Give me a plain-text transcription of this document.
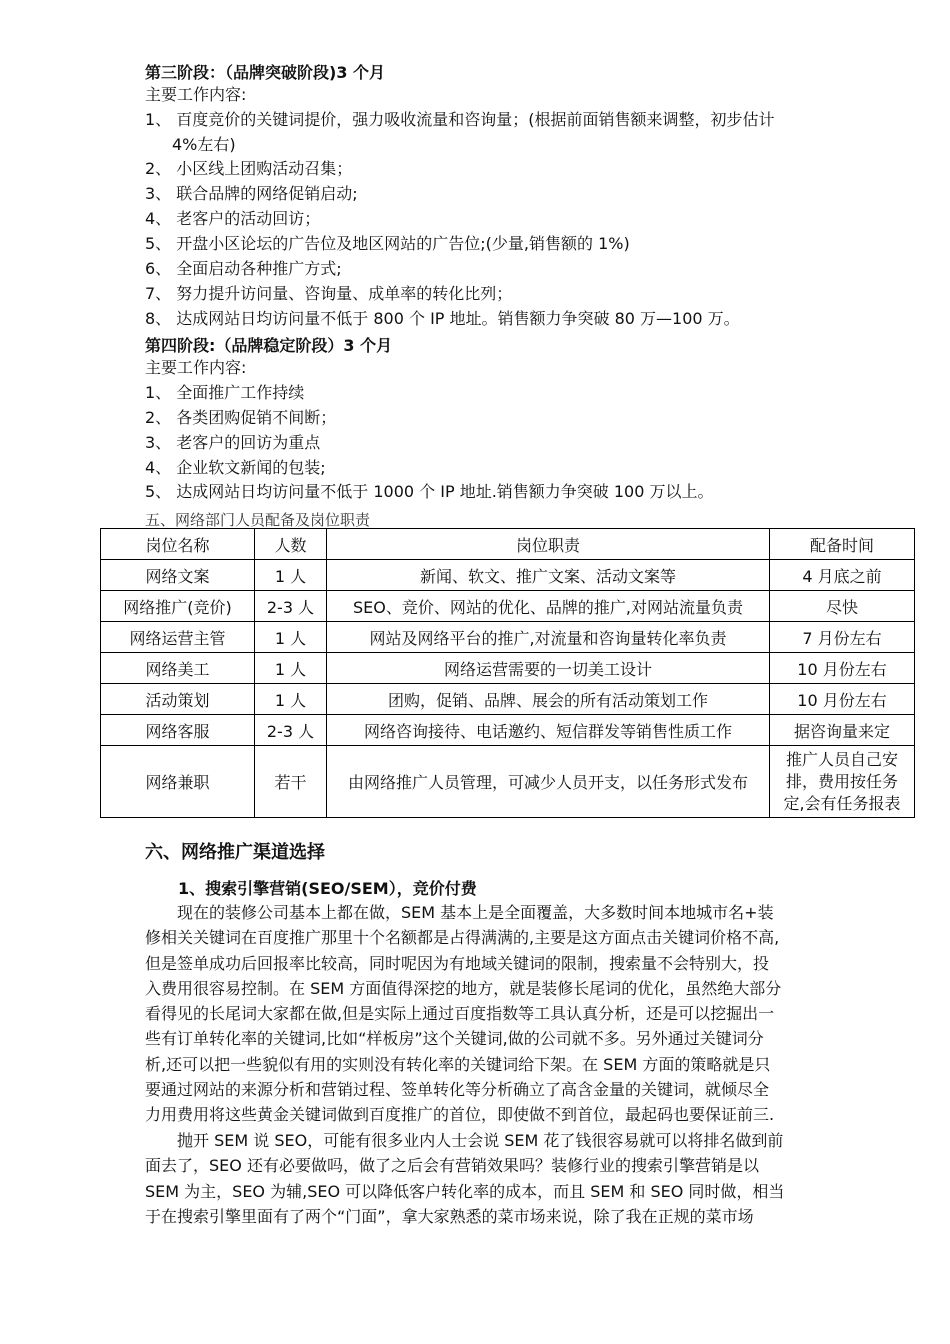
第三阶段：（品牌突破阶段)3 个月
主要工作内容:
1、 百度竞价的关键词提价，强力吸收流量和咨询量；(根据前面销售额来调整，初步估计
4%左右)
2、 小区线上团购活动召集；
3、 联合品牌的网络促销启动;
4、 老客户的活动回访；
5、 开盘小区论坛的广告位及地区网站的广告位;(少量,销售额的 1%)
6、 全面启动各种推广方式;
7、 努力提升访问量、咨询量、成单率的转化比列；
8、 达成网站日均访问量不低于 800 个 IP 地址。销售额力争突破 80 万—100 万。
第四阶段:（品牌稳定阶段）3 个月
主要工作内容:
1、 全面推广工作持续
2、 各类团购促销不间断；
3、 老客户的回访为重点
4、 企业软文新闻的包装;
5、 达成网站日均访问量不低于 1000 个 IP 地址.销售额力争突破 100 万以上。
五、网络部门人员配备及岗位职责
岗位名称	人数	岗位职责	配备时间
网络文案	1 人	新闻、软文、推广文案、活动文案等	4 月底之前
网络推广(竞价)	2-3 人	SEO、竞价、网站的优化、品牌的推广,对网站流量负责	尽快
网络运营主管	1 人	网站及网络平台的推广,对流量和咨询量转化率负责	7 月份左右
网络美工	1 人	网络运营需要的一切美工设计	10 月份左右
活动策划	1 人	团购，促销、品牌、展会的所有活动策划工作	10 月份左右
网络客服	2-3 人	网络咨询接待、电话邀约、短信群发等销售性质工作	据咨询量来定
网络兼职	若干	由网络推广人员管理，可减少人员开支，以任务形式发布	推广人员自己安
排，费用按任务
定,会有任务报表
六、网络推广渠道选择
1、搜索引擎营销(SEO/SEM），竞价付费
　　现在的装修公司基本上都在做，SEM 基本上是全面覆盖，大多数时间本地城市名+装
修相关关键词在百度推广那里十个名额都是占得满满的,主要是这方面点击关键词价格不高,
但是签单成功后回报率比较高，同时呢因为有地域关键词的限制，搜索量不会特别大，投
入费用很容易控制。在 SEM 方面值得深挖的地方，就是装修长尾词的优化，虽然绝大部分
看得见的长尾词大家都在做,但是实际上通过百度指数等工具认真分析，还是可以挖掘出一
些有订单转化率的关键词,比如“样板房”这个关键词,做的公司就不多。另外通过关键词分
析,还可以把一些貌似有用的实则没有转化率的关键词给下架。在 SEM 方面的策略就是只
要通过网站的来源分析和营销过程、签单转化等分析确立了高含金量的关键词，就倾尽全
力用费用将这些黄金关键词做到百度推广的首位，即使做不到首位，最起码也要保证前三.
　　抛开 SEM 说 SEO，可能有很多业内人士会说 SEM 花了钱很容易就可以将排名做到前
面去了，SEO 还有必要做吗，做了之后会有营销效果吗？装修行业的搜索引擎营销是以
SEM 为主，SEO 为辅,SEO 可以降低客户转化率的成本，而且 SEM 和 SEO 同时做，相当
于在搜索引擎里面有了两个“门面”，拿大家熟悉的菜市场来说，除了我在正规的菜市场
